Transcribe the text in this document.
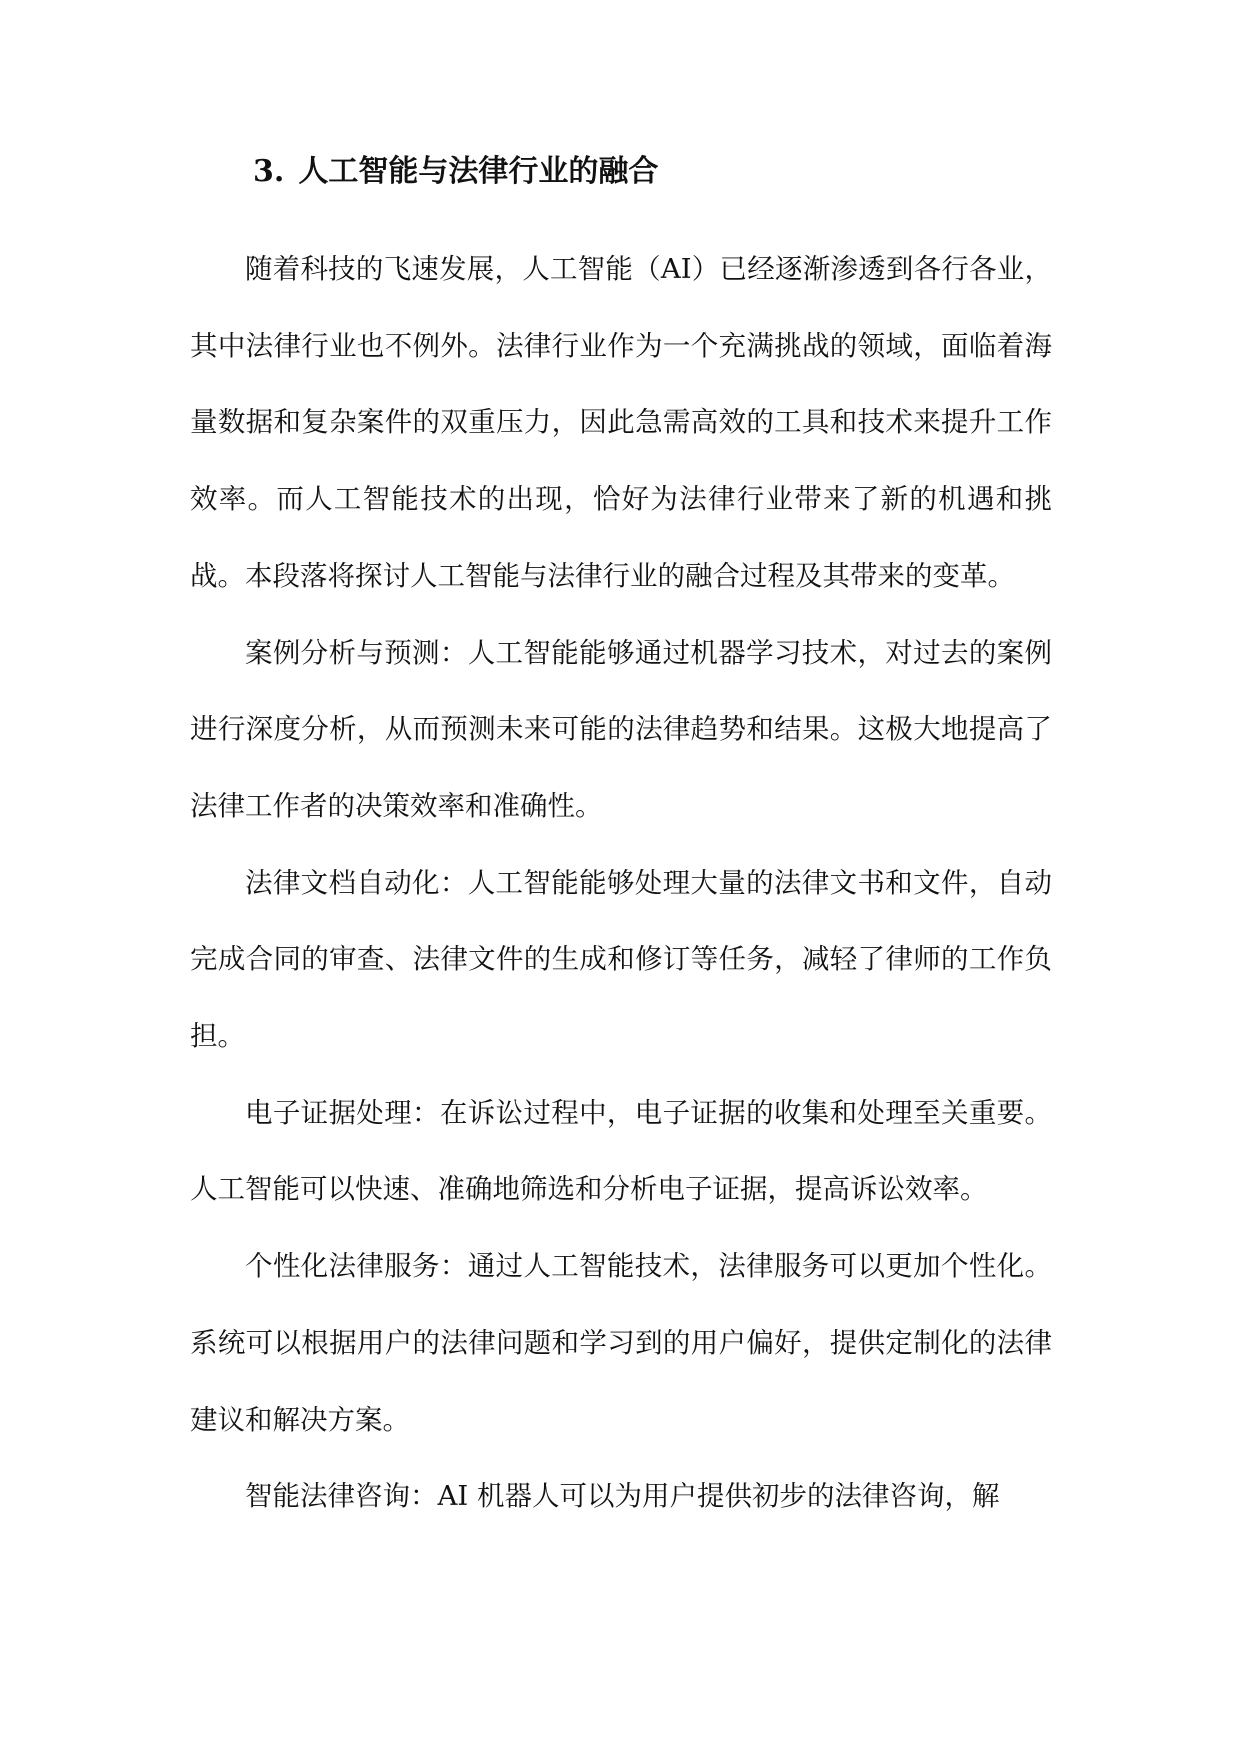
3. 人工智能与法律行业的融合

随着科技的飞速发展，人工智能（AI）已经逐渐渗透到各行各业，其中法律行业也不例外。法律行业作为一个充满挑战的领域，面临着海量数据和复杂案件的双重压力，因此急需高效的工具和技术来提升工作效率。而人工智能技术的出现，恰好为法律行业带来了新的机遇和挑战。本段落将探讨人工智能与法律行业的融合过程及其带来的变革。

案例分析与预测：人工智能能够通过机器学习技术，对过去的案例进行深度分析，从而预测未来可能的法律趋势和结果。这极大地提高了法律工作者的决策效率和准确性。

法律文档自动化：人工智能能够处理大量的法律文书和文件，自动完成合同的审查、法律文件的生成和修订等任务，减轻了律师的工作负担。

电子证据处理：在诉讼过程中，电子证据的收集和处理至关重要。人工智能可以快速、准确地筛选和分析电子证据，提高诉讼效率。

个性化法律服务：通过人工智能技术，法律服务可以更加个性化。系统可以根据用户的法律问题和学习到的用户偏好，提供定制化的法律建议和解决方案。

智能法律咨询：AI 机器人可以为用户提供初步的法律咨询，解
